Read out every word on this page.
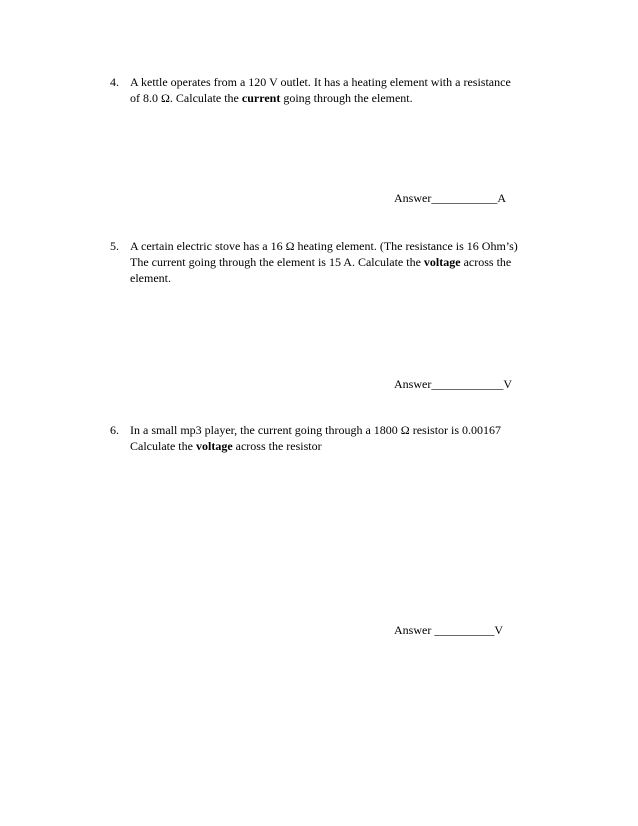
4. A kettle operates from a 120 V outlet. It has a heating element with a resistance
of 8.0 Ω. Calculate the current going through the element.
Answer___________A
5. A certain electric stove has a 16 Ω heating element. (The resistance is 16 Ohm’s)
The current going through the element is 15 A. Calculate the voltage across the
element.
Answer____________V
6. In a small mp3 player, the current going through a 1800 Ω resistor is 0.00167
Calculate the voltage across the resistor
Answer __________V
